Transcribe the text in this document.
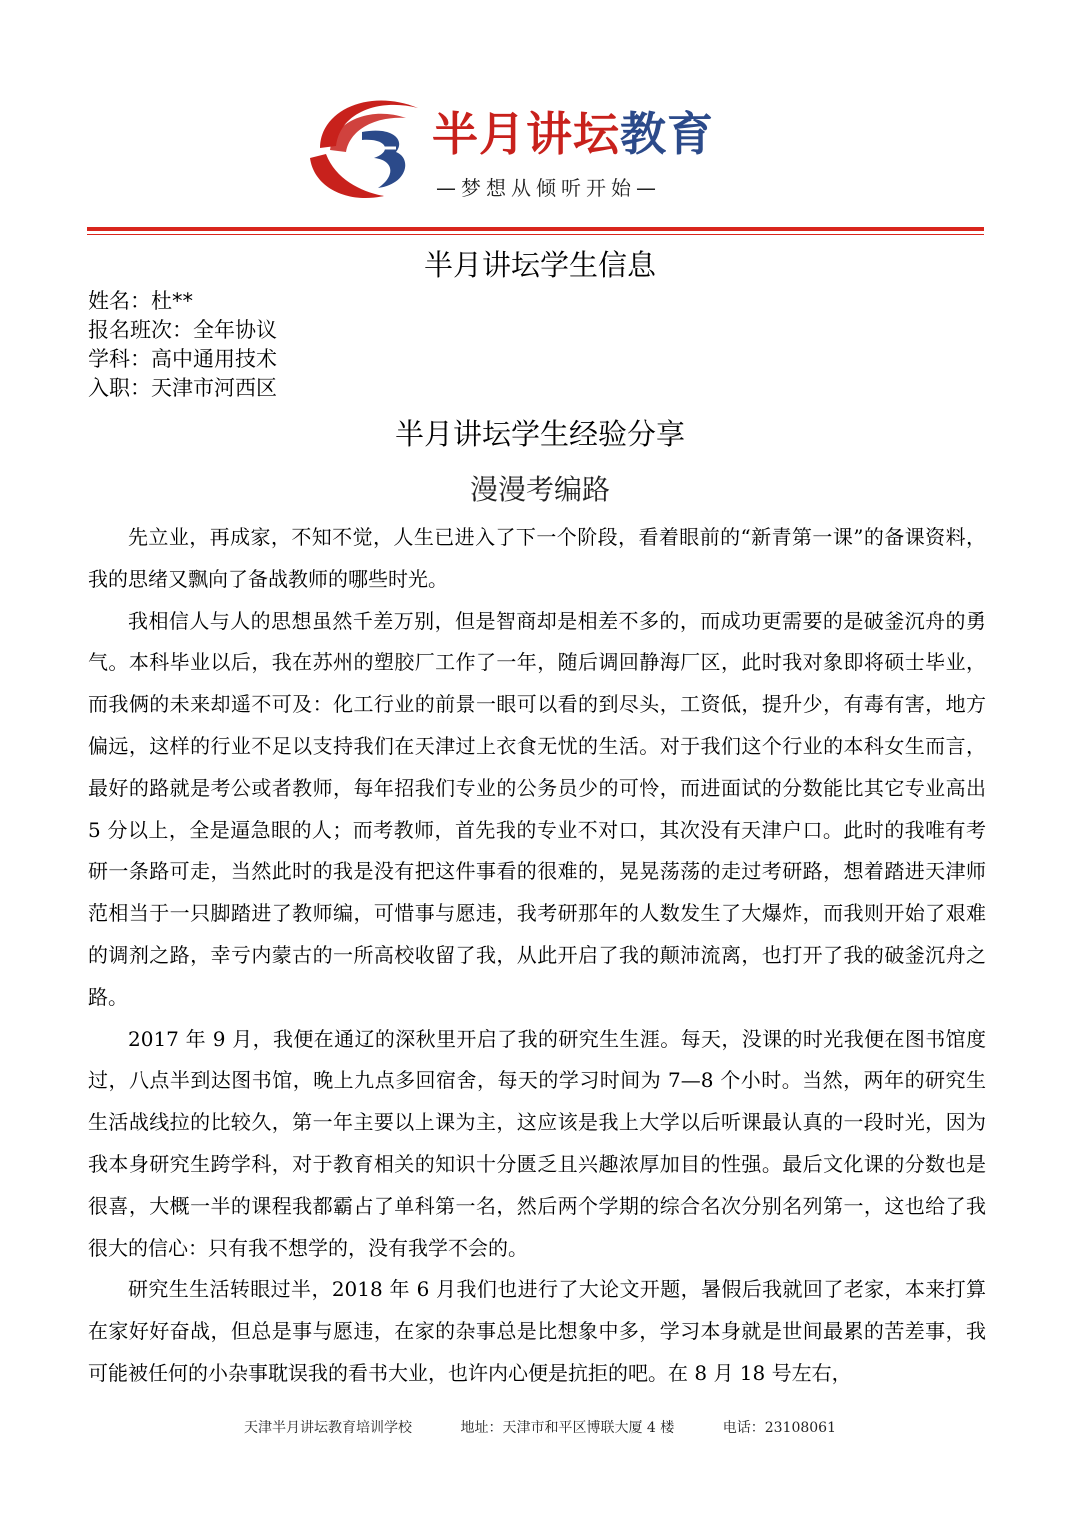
半月讲坛教育
—梦想从倾听开始—
半月讲坛学生信息
姓名：杜**
报名班次：全年协议
学科：高中通用技术
入职：天津市河西区
半月讲坛学生经验分享
漫漫考编路

先立业，再成家，不知不觉，人生已进入了下一个阶段，看着眼前的“新青第一课”的备课资料，我的思绪又飘向了备战教师的哪些时光。

我相信人与人的思想虽然千差万别，但是智商却是相差不多的，而成功更需要的是破釜沉舟的勇气。本科毕业以后，我在苏州的塑胶厂工作了一年，随后调回静海厂区，此时我对象即将硕士毕业，而我俩的未来却遥不可及：化工行业的前景一眼可以看的到尽头，工资低，提升少，有毒有害，地方偏远，这样的行业不足以支持我们在天津过上衣食无忧的生活。对于我们这个行业的本科女生而言，最好的路就是考公或者教师，每年招我们专业的公务员少的可怜，而进面试的分数能比其它专业高出 5 分以上，全是逼急眼的人；而考教师，首先我的专业不对口，其次没有天津户口。此时的我唯有考研一条路可走，当然此时的我是没有把这件事看的很难的，晃晃荡荡的走过考研路，想着踏进天津师范相当于一只脚踏进了教师编，可惜事与愿违，我考研那年的人数发生了大爆炸，而我则开始了艰难的调剂之路，幸亏内蒙古的一所高校收留了我，从此开启了我的颠沛流离，也打开了我的破釜沉舟之路。

2017 年 9 月，我便在通辽的深秋里开启了我的研究生生涯。每天，没课的时光我便在图书馆度过，八点半到达图书馆，晚上九点多回宿舍，每天的学习时间为 7—8 个小时。当然，两年的研究生生活战线拉的比较久，第一年主要以上课为主，这应该是我上大学以后听课最认真的一段时光，因为我本身研究生跨学科，对于教育相关的知识十分匮乏且兴趣浓厚加目的性强。最后文化课的分数也是很喜，大概一半的课程我都霸占了单科第一名，然后两个学期的综合名次分别名列第一，这也给了我很大的信心：只有我不想学的，没有我学不会的。

研究生生活转眼过半，2018 年 6 月我们也进行了大论文开题，暑假后我就回了老家，本来打算在家好好奋战，但总是事与愿违，在家的杂事总是比想象中多，学习本身就是世间最累的苦差事，我可能被任何的小杂事耽误我的看书大业，也许内心便是抗拒的吧。在 8 月 18 号左右，

天津半月讲坛教育培训学校	地址：天津市和平区博联大厦 4 楼	电话：23108061
